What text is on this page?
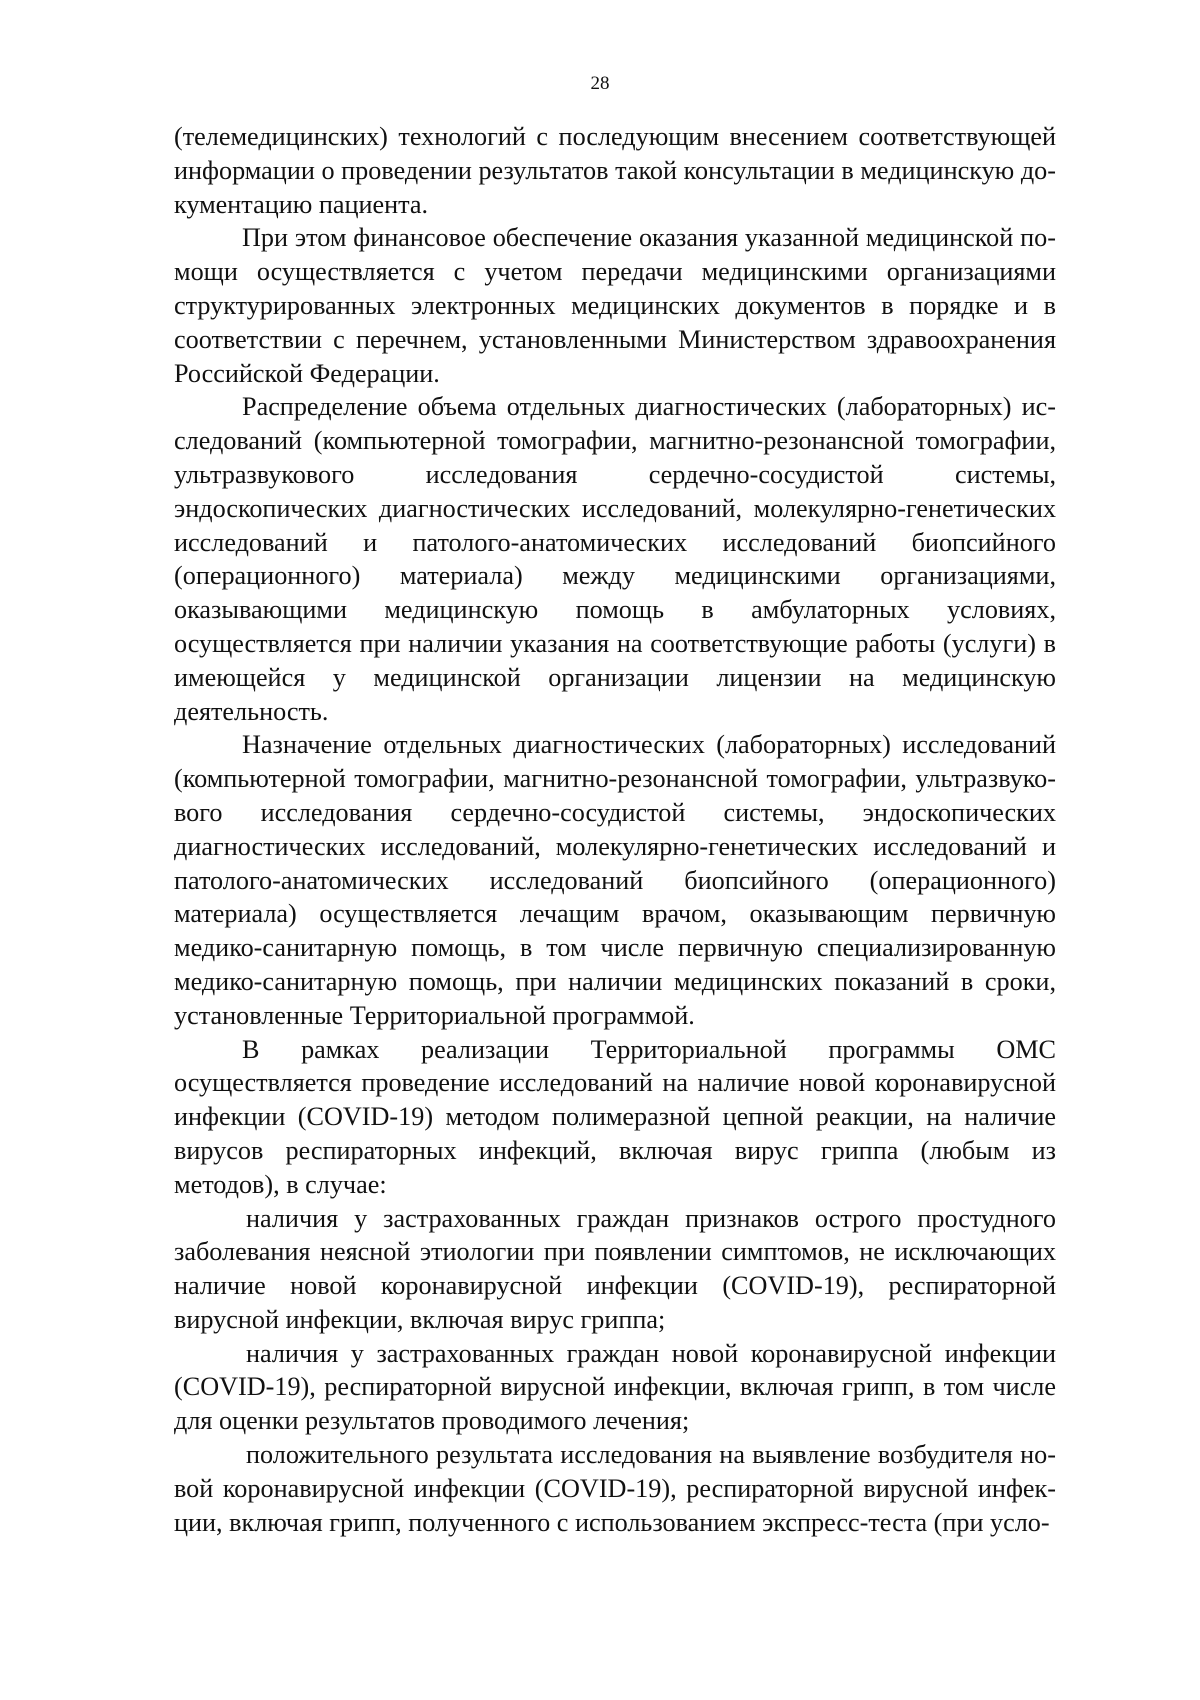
28

(телемедицинских) технологий с последующим внесением соответствующей информации о проведении результатов такой консультации в медицинскую документацию пациента.

При этом финансовое обеспечение оказания указанной медицинской помощи осуществляется с учетом передачи медицинскими организациями структурированных электронных медицинских документов в порядке и в соответствии с перечнем, установленными Министерством здравоохранения Российской Федерации.

Распределение объема отдельных диагностических (лабораторных) исследований (компьютерной томографии, магнитно-резонансной томографии, ультразвукового исследования сердечно-сосудистой системы, эндоскопических диагностических исследований, молекулярно-генетических исследований и патолого-анатомических исследований биопсийного (операционного) материала) между медицинскими организациями, оказывающими медицинскую помощь в амбулаторных условиях, осуществляется при наличии указания на соответствующие работы (услуги) в имеющейся у медицинской организации лицензии на медицинскую деятельность.

Назначение отдельных диагностических (лабораторных) исследований (компьютерной томографии, магнитно-резонансной томографии, ультразвукового исследования сердечно-сосудистой системы, эндоскопических диагностических исследований, молекулярно-генетических исследований и патолого-анатомических исследований биопсийного (операционного) материала) осуществляется лечащим врачом, оказывающим первичную медико-санитарную помощь, в том числе первичную специализированную медико-санитарную помощь, при наличии медицинских показаний в сроки, установленные Территориальной программой.

В рамках реализации Территориальной программы ОМС осуществляется проведение исследований на наличие новой коронавирусной инфекции (COVID-19) методом полимеразной цепной реакции, на наличие вирусов респираторных инфекций, включая вирус гриппа (любым из методов), в случае:

наличия у застрахованных граждан признаков острого простудного заболевания неясной этиологии при появлении симптомов, не исключающих наличие новой коронавирусной инфекции (COVID-19), респираторной вирусной инфекции, включая вирус гриппа;

наличия у застрахованных граждан новой коронавирусной инфекции (COVID-19), респираторной вирусной инфекции, включая грипп, в том числе для оценки результатов проводимого лечения;

положительного результата исследования на выявление возбудителя новой коронавирусной инфекции (COVID-19), респираторной вирусной инфекции, включая грипп, полученного с использованием экспресс-теста (при усло-
